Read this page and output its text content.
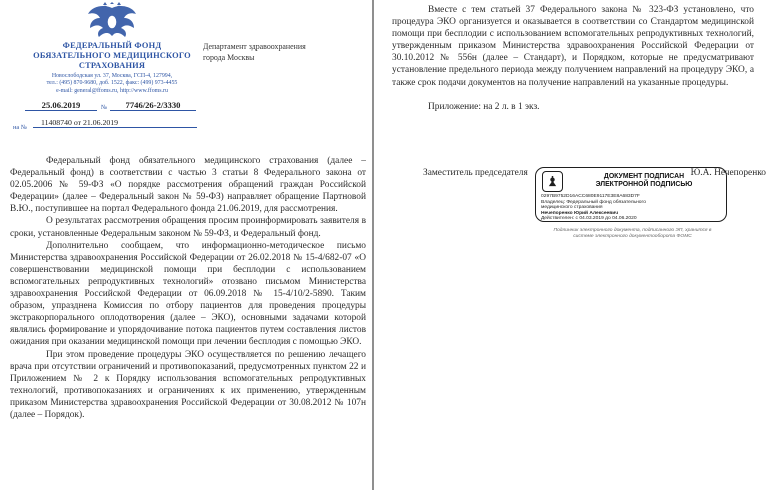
ФЕДЕРАЛЬНЫЙ ФОНД
ОБЯЗАТЕЛЬНОГО МЕДИЦИНСКОГО
СТРАХОВАНИЯ
Новослободская ул. 37, Москва, ГСП-4, 127994,
тел.: (495) 870-9680, доб. 1522, факс: (499) 973-4455
e-mail: general@ffoms.ru, http://www.ffoms.ru
25.06.2019	№	7746/26-2/3330
на №
11408740 от 21.06.2019
Департамент здравоохранения
города Москвы

Федеральный фонд обязательного медицинского страхования (далее – Федеральный фонд) в соответствии с частью 3 статьи 8 Федерального закона от 02.05.2006 № 59-ФЗ «О порядке рассмотрения обращений граждан Российской Федерации» (далее – Федеральный закон № 59-ФЗ) направляет обращение Партновой В.Ю., поступившее на портал Федерального фонда 21.06.2019, для рассмотрения.

О результатах рассмотрения обращения просим проинформировать заявителя в сроки, установленные Федеральным законом № 59-ФЗ, и Федеральный фонд.

Дополнительно сообщаем, что информационно-методическое письмо Министерства здравоохранения Российской Федерации от 26.02.2018 № 15-4/682-07 «О совершенствовании медицинской помощи при бесплодии с использованием вспомогательных репродуктивных технологий» отозвано письмом Министерства здравоохранения Российской Федерации от 06.09.2018 № 15-4/10/2-5890. Таким образом, упразднена Комиссия по отбору пациентов для проведения процедуры экстракорпорального оплодотворения (далее – ЭКО), основными задачами которой являлись формирование и упорядочивание потока пациентов путем составления листов ожидания при оказании медицинской помощи при лечении бесплодия с помощью ЭКО.

При этом проведение процедуры ЭКО осуществляется по решению лечащего врача при отсутствии ограничений и противопоказаний, предусмотренных пунктом 22 и Приложением № 2 к Порядку использования вспомогательных репродуктивных технологий, противопоказаниях и ограничениях к их применению, утвержденным приказом Министерства здравоохранения Российской Федерации от 30.08.2012 № 107н (далее – Порядок).

Вместе с тем статьей 37 Федерального закона № 323-ФЗ установлено, что процедура ЭКО организуется и оказывается в соответствии со Стандартом медицинской помощи при бесплодии с использованием вспомогательных репродуктивных технологий, утвержденным приказом Министерства здравоохранения Российской Федерации от 30.10.2012 № 556н (далее – Стандарт), и Порядком, которые не предусматривают установление предельного периода между получением направлений на процедуру ЭКО, а также срок подачи документов на получение направлений на указанные процедуры.

Приложение: на 2 л. в 1 экз.

Заместитель председателя	Ю.А. Нечепоренко
ДОКУМЕНТ ПОДПИСАН
ЭЛЕКТРОННОЙ ПОДПИСЬЮ
0297B9752D16ACC680E9117E3E8A683D7F
Владелец: Федеральный фонд обязательного
медицинского страхования
Нечепоренко Юрий Алексеевич
Действителен: с 04.03.2019 до 04.06.2020
Подлинник электронного документа, подписанного ЭП, хранится в
системе электронного документооборота ФОМС
